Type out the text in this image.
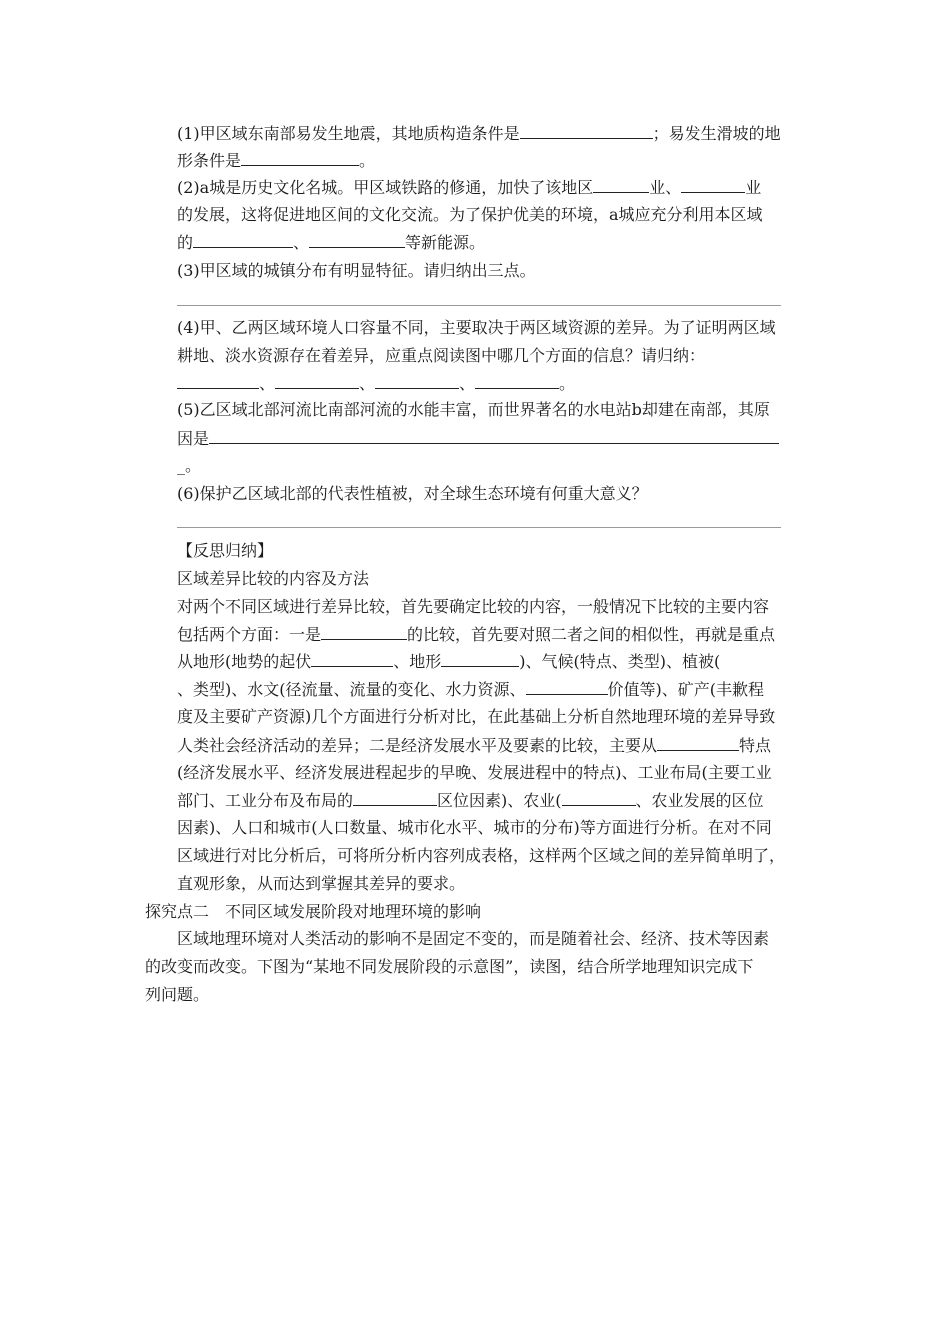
(1)甲区域东南部易发生地震，其地质构造条件是	；易发生滑坡的地
形条件是	。
(2)a城是历史文化名城。甲区域铁路的修通，加快了该地区	业、	业
的发展，这将促进地区间的文化交流。为了保护优美的环境，a城应充分利用本区域
的	、	等新能源。
(3)甲区域的城镇分布有明显特征。请归纳出三点。
(4)甲、乙两区域环境人口容量不同，主要取决于两区域资源的差异。为了证明两区域
耕地、淡水资源存在着差异，应重点阅读图中哪几个方面的信息？请归纳：
、	、	、	。
(5)乙区域北部河流比南部河流的水能丰富，而世界著名的水电站b却建在南部，其原
因是
_。
(6)保护乙区域北部的代表性植被，对全球生态环境有何重大意义？
【反思归纳】
区域差异比较的内容及方法
对两个不同区域进行差异比较，首先要确定比较的内容，一般情况下比较的主要内容
包括两个方面：一是	的比较，首先要对照二者之间的相似性，再就是重点
从地形(地势的起伏	、地形	)、气候(特点、类型)、植被(
、类型)、水文(径流量、流量的变化、水力资源、	价值等)、矿产(丰歉程
度及主要矿产资源)几个方面进行分析对比，在此基础上分析自然地理环境的差异导致
人类社会经济活动的差异；二是经济发展水平及要素的比较，主要从	特点
(经济发展水平、经济发展进程起步的早晚、发展进程中的特点)、工业布局(主要工业
部门、工业分布及布局的	区位因素)、农业(	、农业发展的区位
因素)、人口和城市(人口数量、城市化水平、城市的分布)等方面进行分析。在对不同
区域进行对比分析后，可将所分析内容列成表格，这样两个区域之间的差异简单明了，
直观形象，从而达到掌握其差异的要求。
探究点二　不同区域发展阶段对地理环境的影响
区域地理环境对人类活动的影响不是固定不变的，而是随着社会、经济、技术等因素
的改变而改变。下图为“某地不同发展阶段的示意图”，读图，结合所学地理知识完成下
列问题。
